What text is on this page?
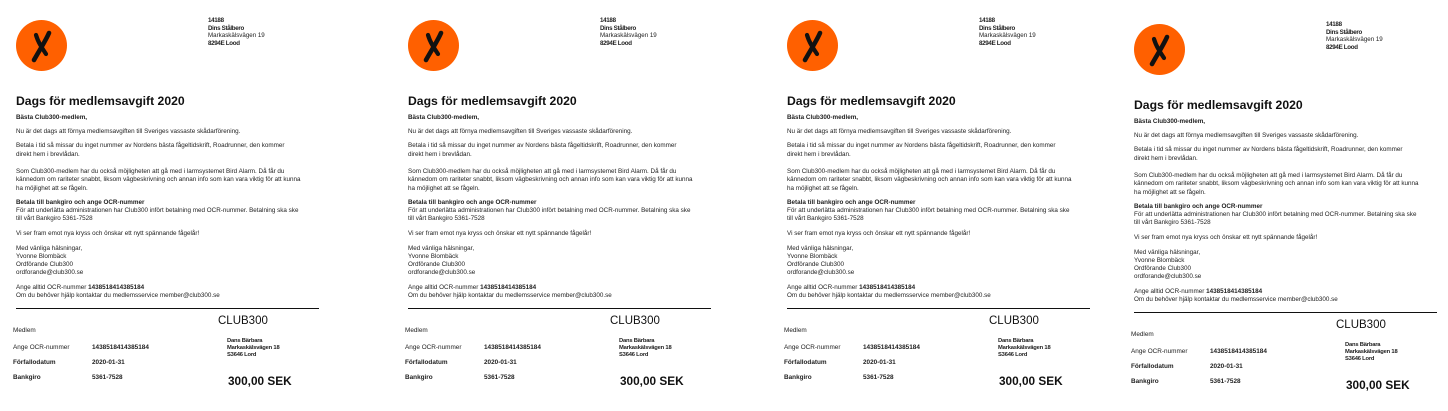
14188
Dins Stålbero
Markaskälsvägen 19
8294E Lood
Dags för medlemsavgift 2020
Bästa Club300-medlem,
Nu är det dags att förnya medlemsavgiften till Sveriges vassaste skådarförening.
Betala i tid så missar du inget nummer av Nordens bästa fågeltidskrift, Roadrunner, den kommer
direkt hem i brevlådan.
Som Club300-medlem har du också möjligheten att gå med i larmsystemet Bird Alarm. Då får du
kännedom om rariteter snabbt, liksom vägbeskrivning och annan info som kan vara viktig för att kunna
ha möjlighet att se fågeln.
Betala till bankgiro och ange OCR-nummer
För att underlätta administrationen har Club300 infört betalning med OCR-nummer. Betalning ska ske
till vårt Bankgiro 5361-7528
Vi ser fram emot nya kryss och önskar ett nytt spännande fågelår!
Med vänliga hälsningar,
Yvonne Blombäck
Ordförande Club300
ordforande@club300.se
Ange alltid OCR-nummer 143851841438518​4
Om du behöver hjälp kontaktar du medlemsservice member@club300.se
CLUB300
Medlem
Ange OCR-nummer	1438518414385184
Förfallodatum	2020-01-31
Bankgiro	5361-7528
Dans Bärbara
Markaskälsvägen 18
S3646 Lord
300,00 SEK
14188
Dins Stålbero
Markaskälsvägen 19
8294E Lood
Dags för medlemsavgift 2020
Bästa Club300-medlem,
Nu är det dags att förnya medlemsavgiften till Sveriges vassaste skådarförening.
Betala i tid så missar du inget nummer av Nordens bästa fågeltidskrift, Roadrunner, den kommer
direkt hem i brevlådan.
Som Club300-medlem har du också möjligheten att gå med i larmsystemet Bird Alarm. Då får du
kännedom om rariteter snabbt, liksom vägbeskrivning och annan info som kan vara viktig för att kunna
ha möjlighet att se fågeln.
Betala till bankgiro och ange OCR-nummer
För att underlätta administrationen har Club300 infört betalning med OCR-nummer. Betalning ska ske
till vårt Bankgiro 5361-7528
Vi ser fram emot nya kryss och önskar ett nytt spännande fågelår!
Med vänliga hälsningar,
Yvonne Blombäck
Ordförande Club300
ordforande@club300.se
Ange alltid OCR-nummer 143851841438518​4
Om du behöver hjälp kontaktar du medlemsservice member@club300.se
CLUB300
Medlem
Ange OCR-nummer	1438518414385184
Förfallodatum	2020-01-31
Bankgiro	5361-7528
Dans Bärbara
Markaskälsvägen 18
S3646 Lord
300,00 SEK
14188
Dins Stålbero
Markaskälsvägen 19
8294E Lood
Dags för medlemsavgift 2020
Bästa Club300-medlem,
Nu är det dags att förnya medlemsavgiften till Sveriges vassaste skådarförening.
Betala i tid så missar du inget nummer av Nordens bästa fågeltidskrift, Roadrunner, den kommer
direkt hem i brevlådan.
Som Club300-medlem har du också möjligheten att gå med i larmsystemet Bird Alarm. Då får du
kännedom om rariteter snabbt, liksom vägbeskrivning och annan info som kan vara viktig för att kunna
ha möjlighet att se fågeln.
Betala till bankgiro och ange OCR-nummer
För att underlätta administrationen har Club300 infört betalning med OCR-nummer. Betalning ska ske
till vårt Bankgiro 5361-7528
Vi ser fram emot nya kryss och önskar ett nytt spännande fågelår!
Med vänliga hälsningar,
Yvonne Blombäck
Ordförande Club300
ordforande@club300.se
Ange alltid OCR-nummer 143851841438518​4
Om du behöver hjälp kontaktar du medlemsservice member@club300.se
CLUB300
Medlem
Ange OCR-nummer	1438518414385184
Förfallodatum	2020-01-31
Bankgiro	5361-7528
Dans Bärbara
Markaskälsvägen 18
S3646 Lord
300,00 SEK
14188
Dins Stålbero
Markaskälsvägen 19
8294E Lood
Dags för medlemsavgift 2020
Bästa Club300-medlem,
Nu är det dags att förnya medlemsavgiften till Sveriges vassaste skådarförening.
Betala i tid så missar du inget nummer av Nordens bästa fågeltidskrift, Roadrunner, den kommer
direkt hem i brevlådan.
Som Club300-medlem har du också möjligheten att gå med i larmsystemet Bird Alarm. Då får du
kännedom om rariteter snabbt, liksom vägbeskrivning och annan info som kan vara viktig för att kunna
ha möjlighet att se fågeln.
Betala till bankgiro och ange OCR-nummer
För att underlätta administrationen har Club300 infört betalning med OCR-nummer. Betalning ska ske
till vårt Bankgiro 5361-7528
Vi ser fram emot nya kryss och önskar ett nytt spännande fågelår!
Med vänliga hälsningar,
Yvonne Blombäck
Ordförande Club300
ordforande@club300.se
Ange alltid OCR-nummer 143851841438518​4
Om du behöver hjälp kontaktar du medlemsservice member@club300.se
CLUB300
Medlem
Ange OCR-nummer	1438518414385184
Förfallodatum	2020-01-31
Bankgiro	5361-7528
Dans Bärbara
Markaskälsvägen 18
S3646 Lord
300,00 SEK
